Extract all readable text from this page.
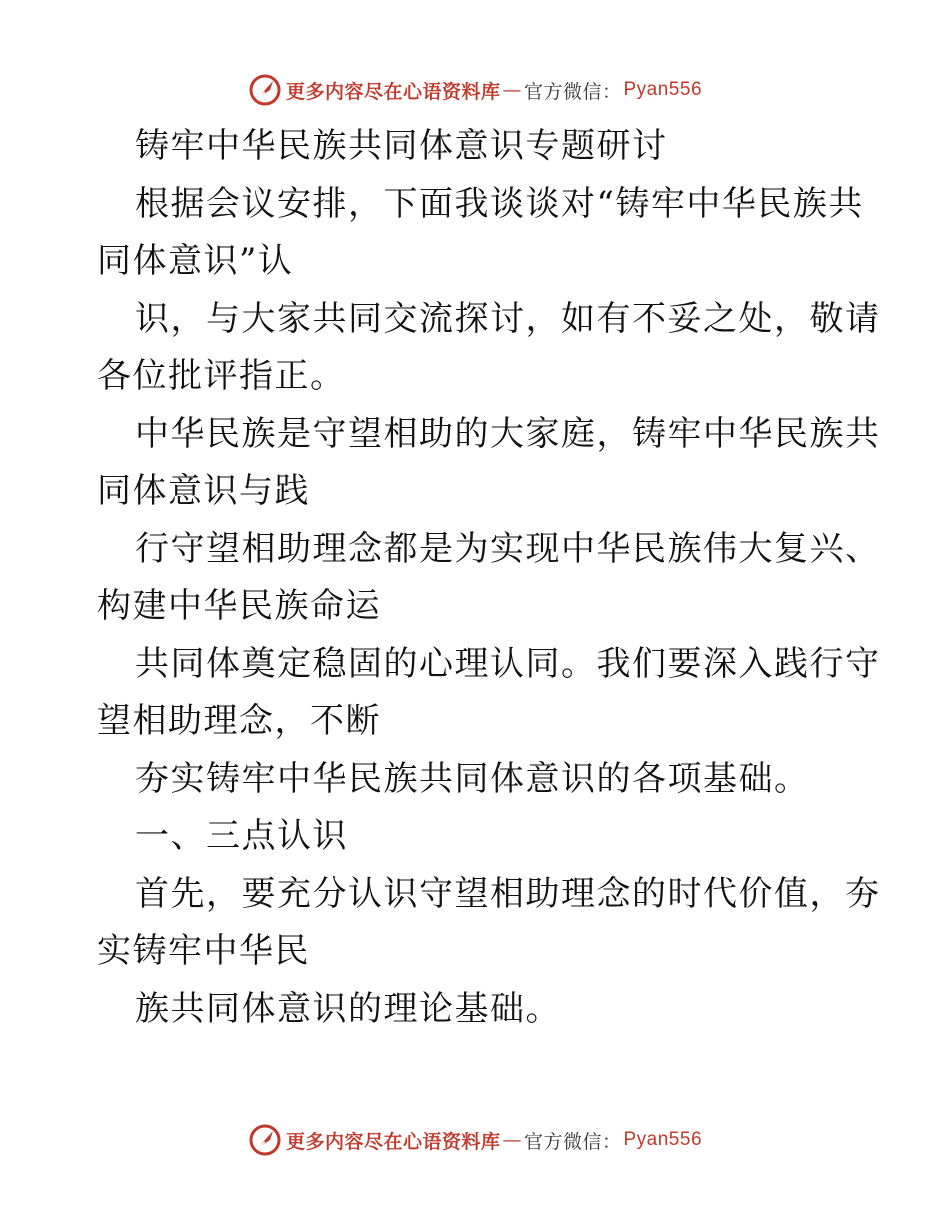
更多内容尽在心语资料库 — 官方微信： Pyan556
铸牢中华民族共同体意识专题研讨
根据会议安排，下面我谈谈对“铸牢中华民族共
同体意识”认
识，与大家共同交流探讨，如有不妥之处，敬请
各位批评指正。
中华民族是守望相助的大家庭，铸牢中华民族共
同体意识与践
行守望相助理念都是为实现中华民族伟大复兴、
构建中华民族命运
共同体奠定稳固的心理认同。我们要深入践行守
望相助理念，不断
夯实铸牢中华民族共同体意识的各项基础。
一、三点认识
首先，要充分认识守望相助理念的时代价值，夯
实铸牢中华民
族共同体意识的理论基础。
更多内容尽在心语资料库 — 官方微信： Pyan556
